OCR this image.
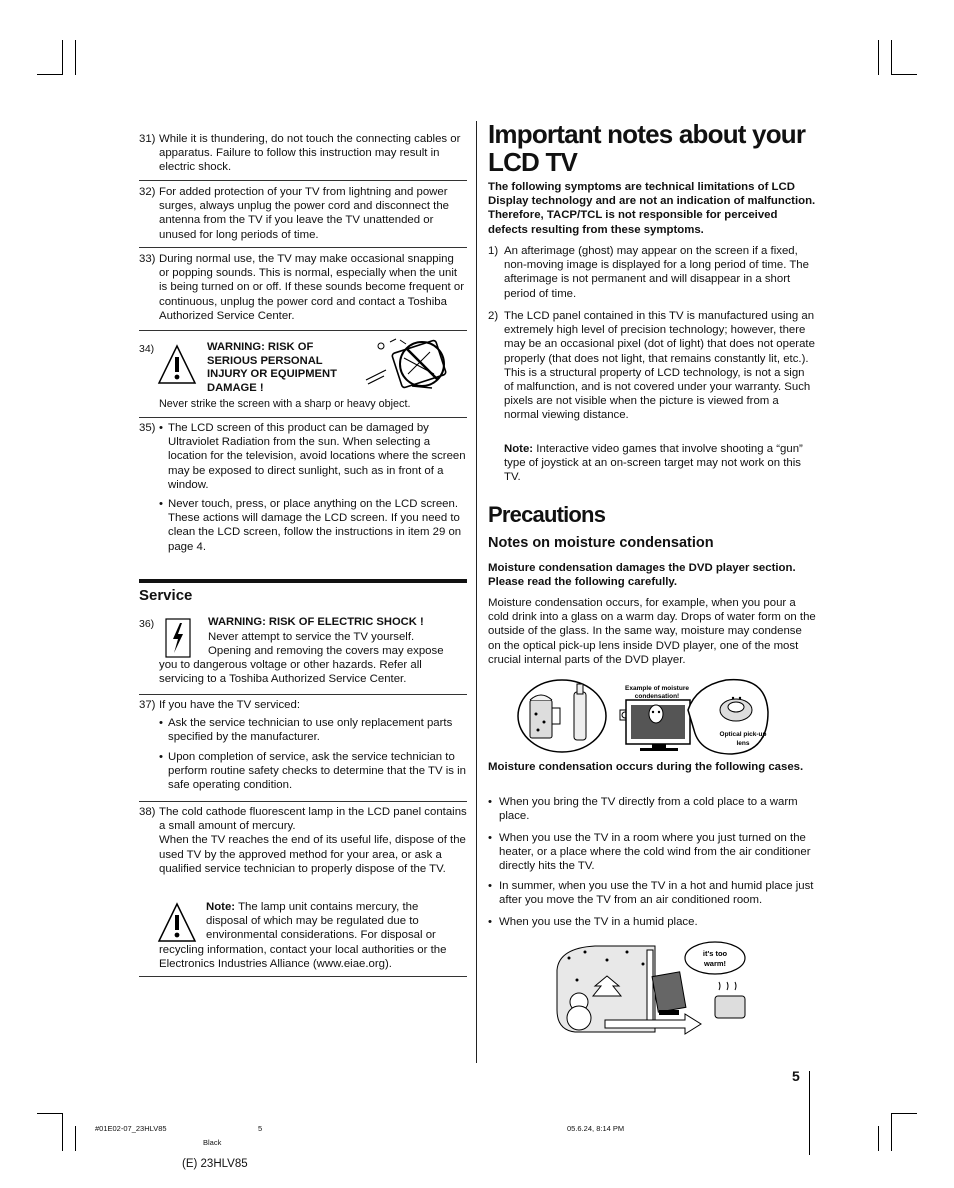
31) While it is thundering, do not touch the connecting cables or apparatus. Failure to follow this instruction may result in electric shock.
32) For added protection of your TV from lightning and power surges, always unplug the power cord and disconnect the antenna from the TV if you leave the TV unattended or unused for long periods of time.
33) During normal use, the TV may make occasional snapping or popping sounds. This is normal, especially when the unit is being turned on or off. If these sounds become frequent or continuous, unplug the power cord and contact a Toshiba Authorized Service Center.
34)	WARNING: RISK OF SERIOUS PERSONAL INJURY OR EQUIPMENT DAMAGE !
Never strike the screen with a sharp or heavy object.
35)
•	The LCD screen of this product can be damaged by Ultraviolet Radiation from the sun. When selecting a location for the television, avoid locations where the screen may be exposed to direct sunlight, such as in front of a window.
• Never touch, press, or place anything on the LCD screen. These actions will damage the LCD screen. If you need to clean the LCD screen, follow the instructions in item 29 on page 4.
Service
36)	WARNING: RISK OF ELECTRIC SHOCK !
Never attempt to service the TV yourself. Opening and removing the covers may expose
you to dangerous voltage or other hazards. Refer all servicing to a Toshiba Authorized Service Center.
37) If you have the TV serviced:
• Ask the service technician to use only replacement parts specified by the manufacturer.
• Upon completion of service, ask the service technician to perform routine safety checks to determine that the TV is in safe operating condition.
38) The cold cathode fluorescent lamp in the LCD panel contains a small amount of mercury.
When the TV reaches the end of its useful life, dispose of the used TV by the approved method for your area, or ask a qualified service technician to properly dispose of the TV.
Note: The lamp unit contains mercury, the disposal of which may be regulated due to environmental considerations. For disposal or
recycling information, contact your local authorities or the Electronics Industries Alliance (www.eiae.org).
Important notes about your LCD TV
The following symptoms are technical limitations of LCD Display technology and are not an indication of malfunction. Therefore, TACP/TCL is not responsible for perceived defects resulting from these symptoms.
1) An afterimage (ghost) may appear on the screen if a fixed, non-moving image is displayed for a long period of time. The afterimage is not permanent and will disappear in a short period of time.
2) The LCD panel contained in this TV is manufactured using an extremely high level of precision technology; however, there may be an occasional pixel (dot of light) that does not operate properly (that does not light, that remains constantly lit, etc.). This is a structural property of LCD technology, is not a sign of malfunction, and is not covered under your warranty. Such pixels are not visible when the picture is viewed from a normal viewing distance.
Note: Interactive video games that involve shooting a “gun” type of joystick at an on-screen target may not work on this TV.
Precautions
Notes on moisture condensation
Moisture condensation damages the DVD player section. Please read the following carefully.
Moisture condensation occurs, for example, when you pour a cold drink into a glass on a warm day. Drops of water form on the outside of the glass. In the same way, moisture may condense on the optical pick-up lens inside DVD player, one of the most crucial internal parts of the DVD player.
Example of moisture
condensation!
Optical pick-up
lens
Moisture condensation occurs during the following cases.
• When you bring the TV directly from a cold place to a warm place.
• When you use the TV in a room where you just turned on the heater, or a place where the cold wind from the air conditioner directly hits the TV.
• In summer, when you use the TV in a hot and humid place just after you move the TV from an air conditioned room.
• When you use the TV in a humid place.
it's too
warm!
5
#01E02-07_23HLV85	5	05.6.24, 8:14 PM
Black
(E) 23HLV85
